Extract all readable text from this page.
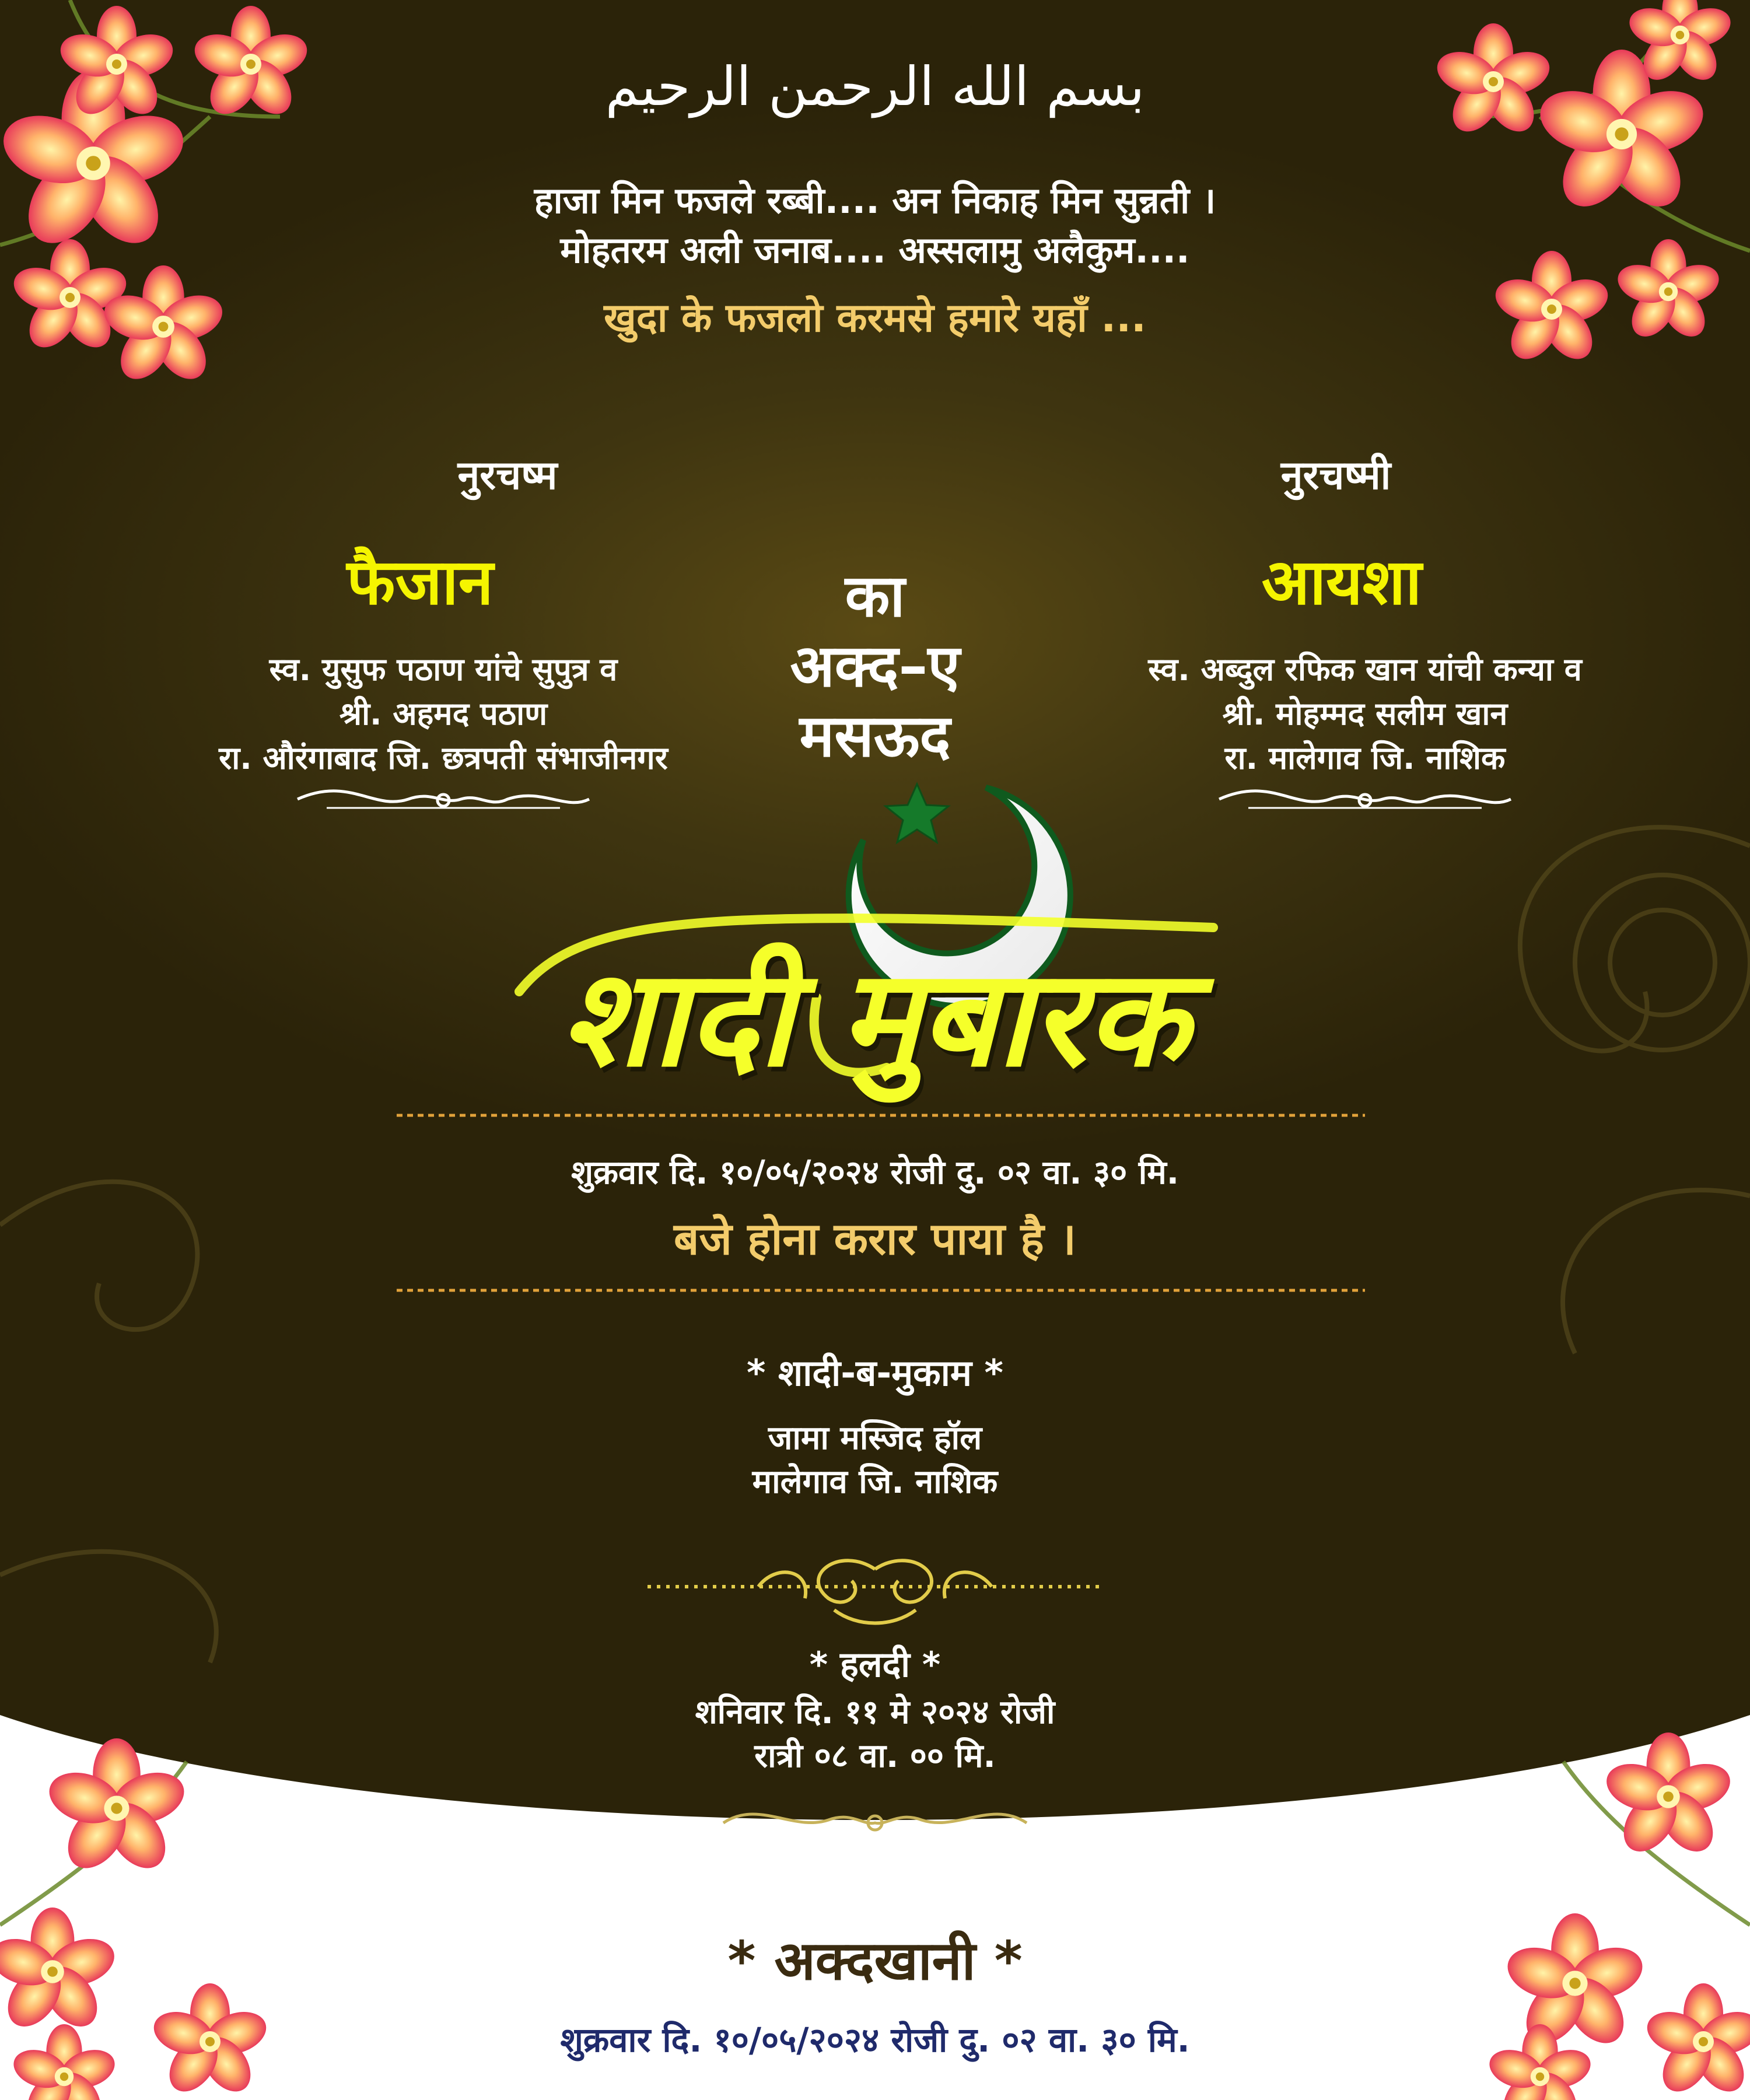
بسم الله الرحمن الرحيم
हाजा मिन फजले रब्बी.... अन निकाह मिन सुन्नती ।
मोहतरम अली जनाब.... अस्सलामु अलैकुम....
खुदा के फजलो करमसे हमारे यहाँ ...
नुरचष्म
फैजान
स्व. युसुफ पठाण यांचे सुपुत्र व
श्री. अहमद पठाण
रा. औरंगाबाद जि. छत्रपती संभाजीनगर
का
अक्द–ए
मसऊद
नुरचष्मी
आयशा
स्व. अब्दुल रफिक खान यांची कन्या व
श्री. मोहम्मद सलीम खान
रा. मालेगाव जि. नाशिक
शादी मुबारक
शुक्रवार दि. १०/०५/२०२४ रोजी दु. ०२ वा. ३० मि.
बजे होना करार पाया है ।
* शादी-ब-मुकाम *
जामा मस्जिद हॉल
मालेगाव जि. नाशिक
* हलदी *
शनिवार दि. ११ मे २०२४ रोजी
रात्री ०८ वा. ०० मि.
* अक्दखानी *
शुक्रवार दि. १०/०५/२०२४ रोजी दु. ०२ वा. ३० मि.
